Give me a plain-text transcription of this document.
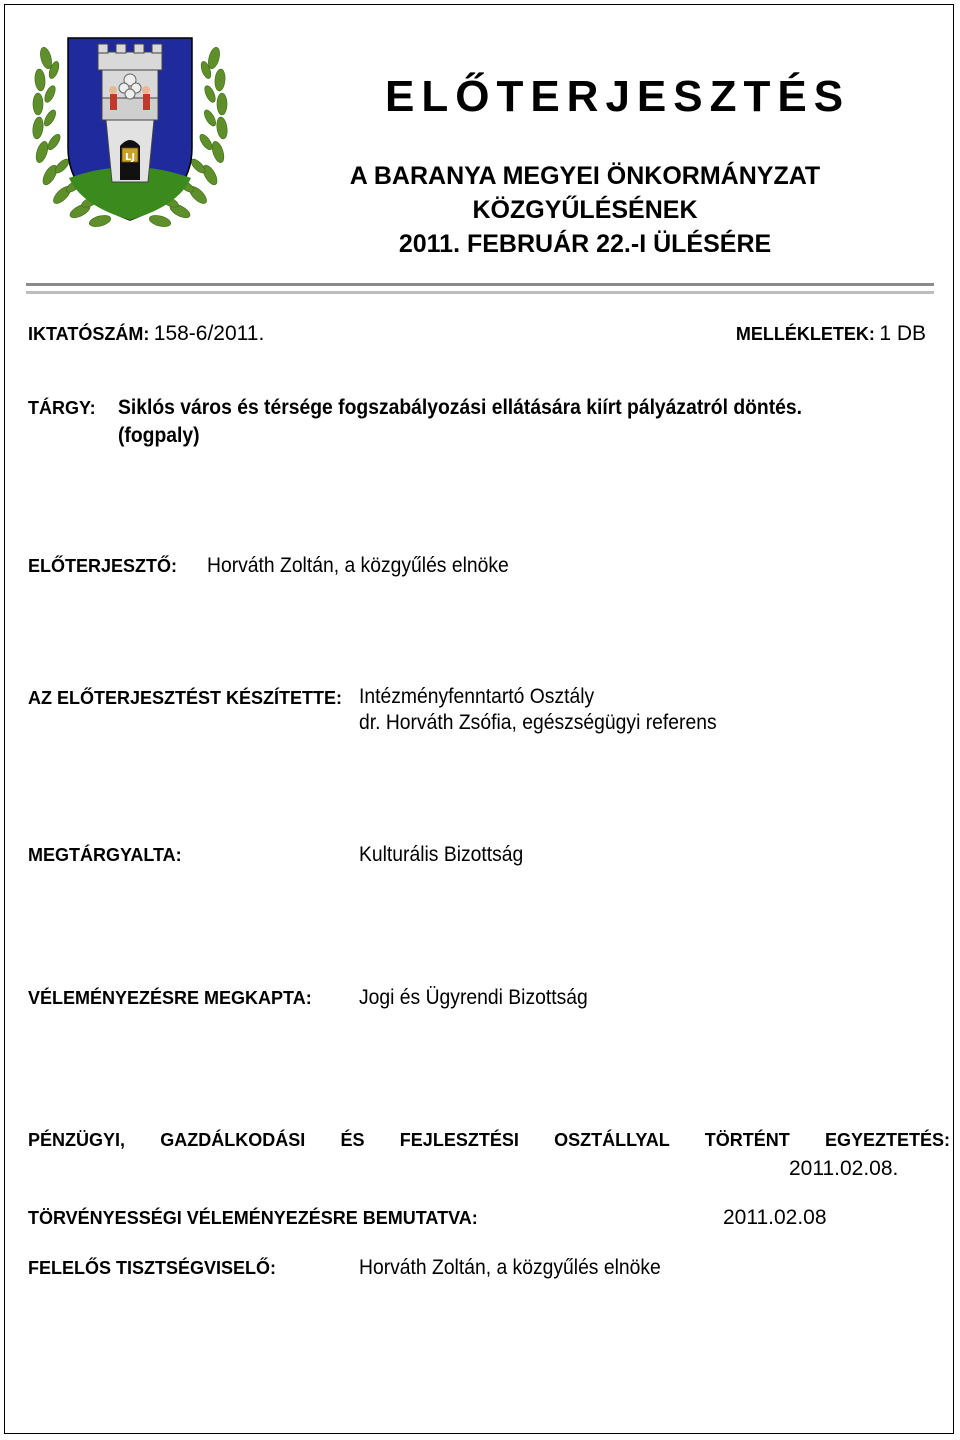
LJ
ELŐTERJESZTÉS
A BARANYA MEGYEI ÖNKORMÁNYZAT
KÖZGYŰLÉSÉNEK
2011. FEBRUÁR 22.-I ÜLÉSÉRE
IKTATÓSZÁM: 158-6/2011.	MELLÉKLETEK: 1 DB
TÁRGY: Siklós város és térsége fogszabályozási ellátására kiírt pályázatról döntés.
(fogpaly)
ELŐTERJESZTŐ: Horváth Zoltán, a közgyűlés elnöke
AZ ELŐTERJESZTÉST KÉSZÍTETTE: Intézményfenntartó Osztály
dr. Horváth Zsófia, egészségügyi referens
MEGTÁRGYALTA:	Kulturális Bizottság
VÉLEMÉNYEZÉSRE MEGKAPTA: Jogi és Ügyrendi Bizottság
PÉNZÜGYI, GAZDÁLKODÁSI ÉS FEJLESZTÉSI OSZTÁLLYAL TÖRTÉNT EGYEZTETÉS:
2011.02.08.
TÖRVÉNYESSÉGI VÉLEMÉNYEZÉSRE BEMUTATVA:	2011.02.08
FELELŐS TISZTSÉGVISELŐ:	Horváth Zoltán, a közgyűlés elnöke
